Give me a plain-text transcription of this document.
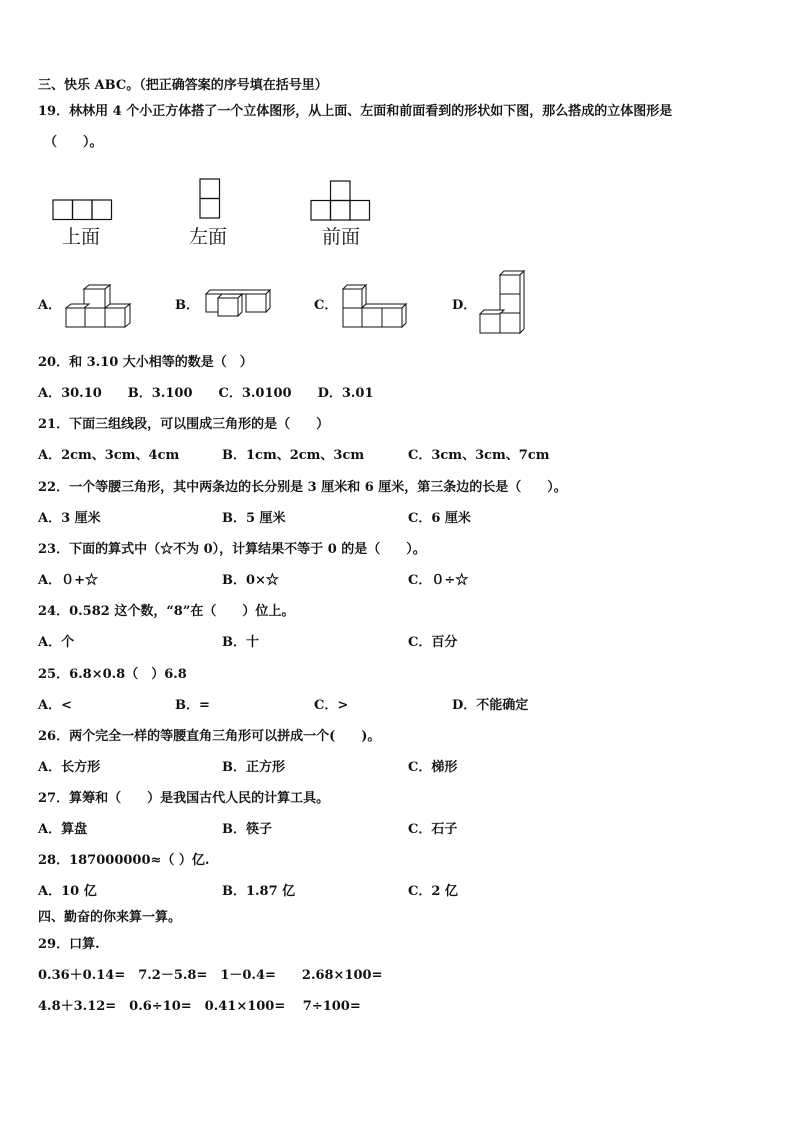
三、快乐 ABC。（把正确答案的序号填在括号里）
19．林林用 4 个小正方体搭了一个立体图形，从上面、左面和前面看到的形状如下图，那么搭成的立体图形是
（　　）。
上面	左面	前面
A．	B．	C．	D．
20．和 3.10 大小相等的数是（　）
A．30.10　　B．3.100　　C．3.0100　　D．3.01
21．下面三组线段，可以围成三角形的是（　　）
A．2cm、3cm、4cm	B．1cm、2cm、3cm	C．3cm、3cm、7cm
22．一个等腰三角形，其中两条边的长分别是 3 厘米和 6 厘米，第三条边的长是（　　）。
A．3 厘米	B．5 厘米	C．6 厘米
23．下面的算式中（☆不为 0），计算结果不等于 0 的是（　　）。
A．０+☆	B．0×☆	C．０÷☆
24．0.582 这个数，“8”在（　　）位上。
A．个	B．十	C．百分
25．6.8×0.8（　）6.8
A．<	B．=	C．>	D．不能确定
26．两个完全一样的等腰直角三角形可以拼成一个(　　)。
A．长方形	B．正方形	C．梯形
27．算筹和（　　）是我国古代人民的计算工具。
A．算盘	B．筷子	C．石子
28．187000000≈（ ）亿.
A．10 亿	B．1.87 亿	C．2 亿
四、勤奋的你来算一算。
29．口算.
0.36＋0.14=　7.2－5.8=　1－0.4=　　2.68×100=
4.8＋3.12=　0.6÷10=　0.41×100=　 7÷100=
